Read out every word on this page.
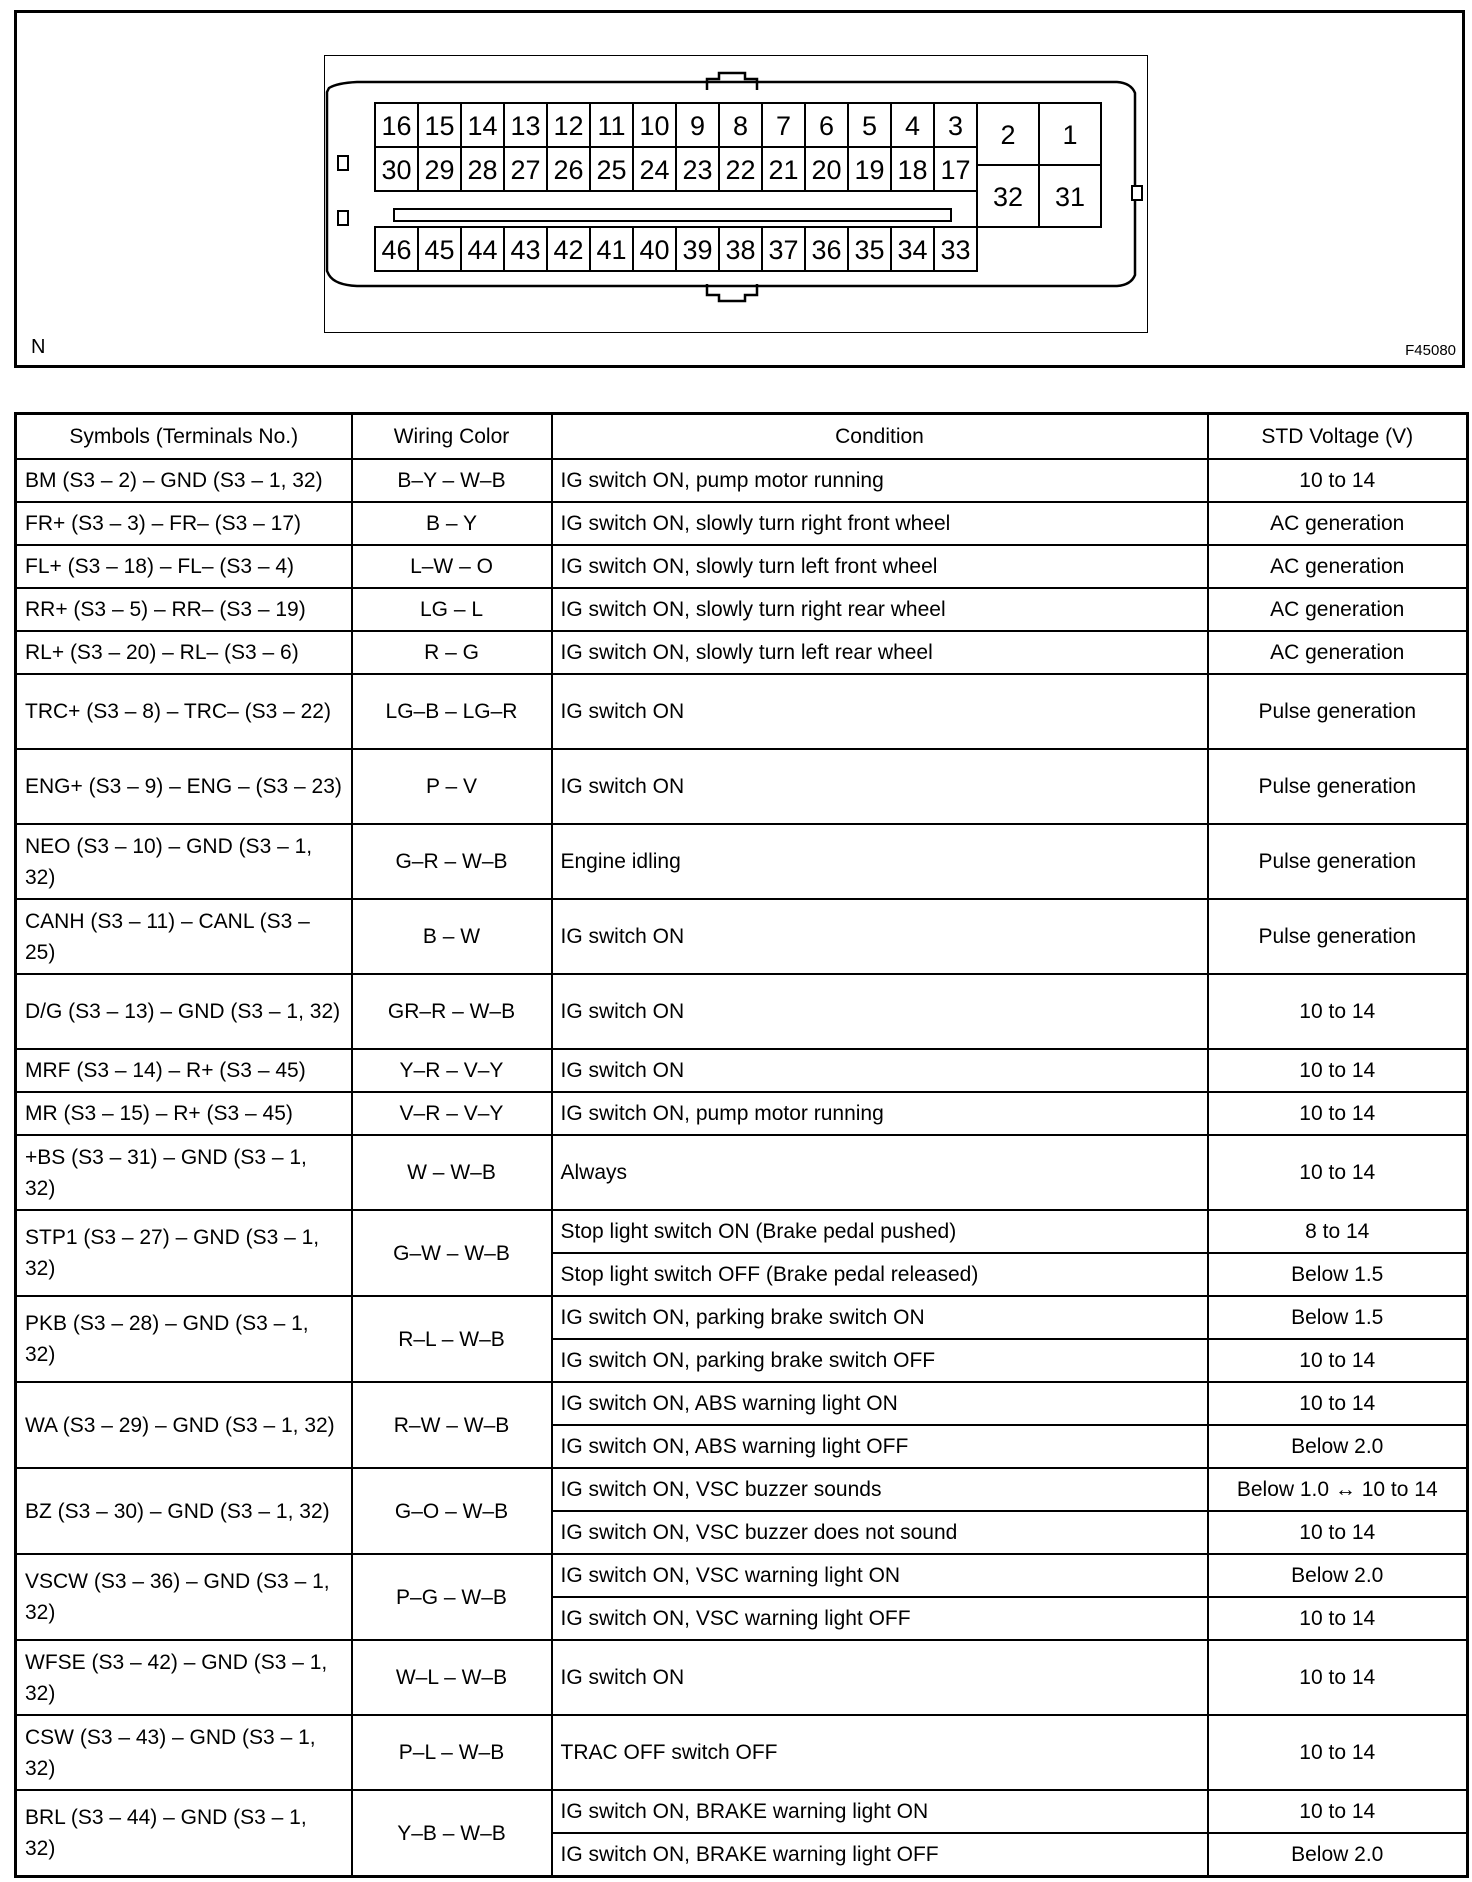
16 15 14 13 12 11 10 9 8 7 6 5 4 3
30 29 28 27 26 25 24 23 22 21 20 19 18 17
46 45 44 43 42 41 40 39 38 37 36 35 34 33
2 1
32 31
N	F45080
Symbols (Terminals No.)	Wiring Color	Condition	STD Voltage (V)
BM (S3 – 2) – GND (S3 – 1, 32)	B–Y – W–B	IG switch ON, pump motor running	10 to 14
FR+ (S3 – 3) – FR– (S3 – 17)	B – Y	IG switch ON, slowly turn right front wheel	AC generation
FL+ (S3 – 18) – FL– (S3 – 4)	L–W – O	IG switch ON, slowly turn left front wheel	AC generation
RR+ (S3 – 5) – RR– (S3 – 19)	LG – L	IG switch ON, slowly turn right rear wheel	AC generation
RL+ (S3 – 20) – RL– (S3 – 6)	R – G	IG switch ON, slowly turn left rear wheel	AC generation
TRC+ (S3 – 8) – TRC– (S3 – 22)	LG–B – LG–R	IG switch ON	Pulse generation
ENG+ (S3 – 9) – ENG – (S3 – 23)	P – V	IG switch ON	Pulse generation
NEO (S3 – 10) – GND (S3 – 1, 32)	G–R – W–B	Engine idling	Pulse generation
CANH (S3 – 11) – CANL (S3 – 25)	B – W	IG switch ON	Pulse generation
D/G (S3 – 13) – GND (S3 – 1, 32)	GR–R – W–B	IG switch ON	10 to 14
MRF (S3 – 14) – R+ (S3 – 45)	Y–R – V–Y	IG switch ON	10 to 14
MR (S3 – 15) – R+ (S3 – 45)	V–R – V–Y	IG switch ON, pump motor running	10 to 14
+BS (S3 – 31) – GND (S3 – 1, 32)	W – W–B	Always	10 to 14
STP1 (S3 – 27) – GND (S3 – 1, 32)	G–W – W–B	Stop light switch ON (Brake pedal pushed)	8 to 14
		Stop light switch OFF (Brake pedal released)	Below 1.5
PKB (S3 – 28) – GND (S3 – 1, 32)	R–L – W–B	IG switch ON, parking brake switch ON	Below 1.5
		IG switch ON, parking brake switch OFF	10 to 14
WA (S3 – 29) – GND (S3 – 1, 32)	R–W – W–B	IG switch ON, ABS warning light ON	10 to 14
		IG switch ON, ABS warning light OFF	Below 2.0
BZ (S3 – 30) – GND (S3 – 1, 32)	G–O – W–B	IG switch ON, VSC buzzer sounds	Below 1.0 ↔ 10 to 14
		IG switch ON, VSC buzzer does not sound	10 to 14
VSCW (S3 – 36) – GND (S3 – 1, 32)	P–G – W–B	IG switch ON, VSC warning light ON	Below 2.0
		IG switch ON, VSC warning light OFF	10 to 14
WFSE (S3 – 42) – GND (S3 – 1, 32)	W–L – W–B	IG switch ON	10 to 14
CSW (S3 – 43) – GND (S3 – 1, 32)	P–L – W–B	TRAC OFF switch OFF	10 to 14
BRL (S3 – 44) – GND (S3 – 1, 32)	Y–B – W–B	IG switch ON, BRAKE warning light ON	10 to 14
		IG switch ON, BRAKE warning light OFF	Below 2.0
